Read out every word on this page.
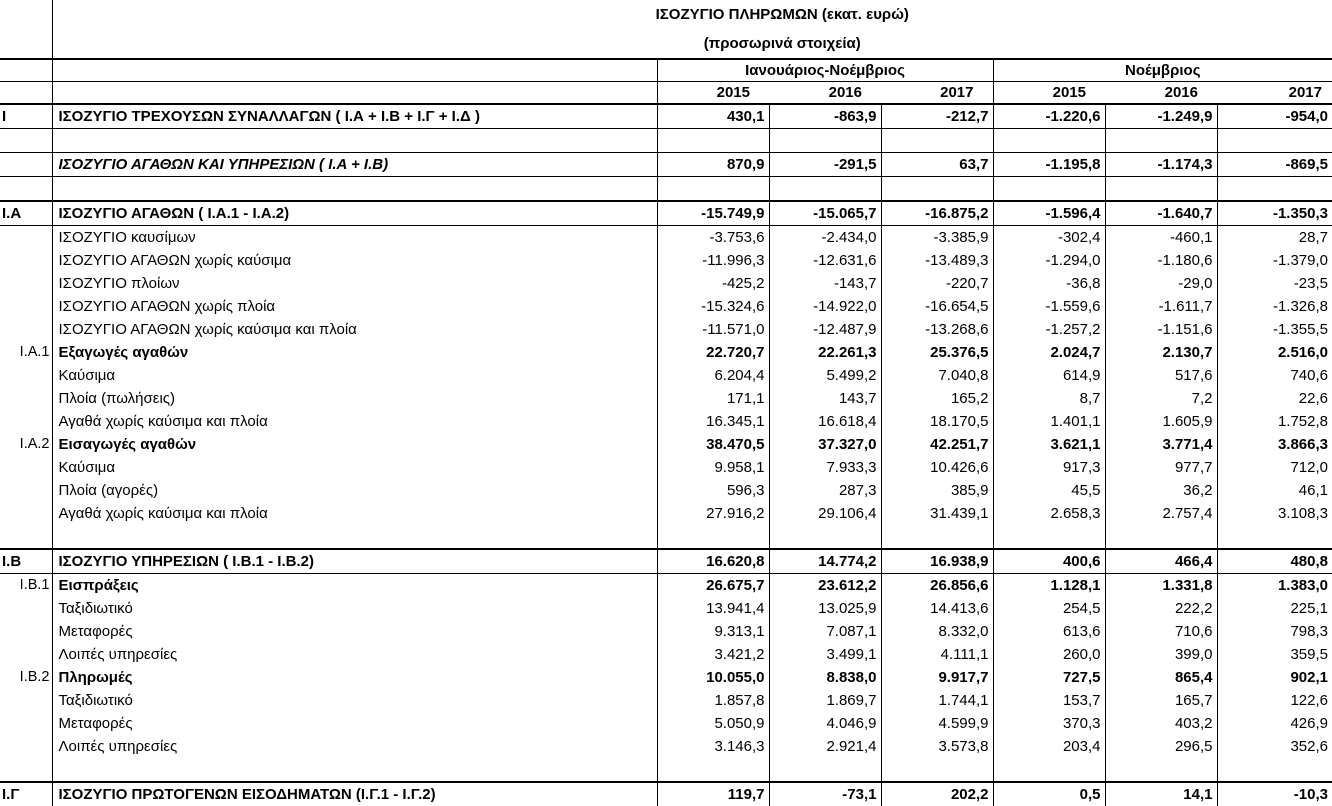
	ΙΣΟΖΥΓΙΟ ΠΛΗΡΩΜΩΝ (εκατ. ευρώ)						
	(προσωρινά στοιχεία)						
		Ιανουάριος-Νοέμβριος			Νοέμβριος		
		2015	2016	2017	2015	2016	2017
I	ΙΣΟΖΥΓΙΟ ΤΡΕΧΟΥΣΩΝ ΣΥΝΑΛΛΑΓΩΝ ( Ι.Α + Ι.Β + Ι.Γ + Ι.Δ )	430,1	-863,9	-212,7	-1.220,6	-1.249,9	-954,0

	ΙΣΟΖΥΓΙΟ ΑΓΑΘΩΝ ΚΑΙ ΥΠΗΡΕΣΙΩΝ ( Ι.Α + Ι.Β)	870,9	-291,5	63,7	-1.195,8	-1.174,3	-869,5

I.A	ΙΣΟΖΥΓΙΟ ΑΓΑΘΩΝ ( Ι.Α.1 - Ι.Α.2)	-15.749,9	-15.065,7	-16.875,2	-1.596,4	-1.640,7	-1.350,3
	ΙΣΟΖΥΓΙΟ καυσίμων	-3.753,6	-2.434,0	-3.385,9	-302,4	-460,1	28,7
	ΙΣΟΖΥΓΙΟ ΑΓΑΘΩΝ χωρίς καύσιμα	-11.996,3	-12.631,6	-13.489,3	-1.294,0	-1.180,6	-1.379,0
	ΙΣΟΖΥΓΙΟ πλοίων	-425,2	-143,7	-220,7	-36,8	-29,0	-23,5
	ΙΣΟΖΥΓΙΟ ΑΓΑΘΩΝ χωρίς πλοία	-15.324,6	-14.922,0	-16.654,5	-1.559,6	-1.611,7	-1.326,8
	ΙΣΟΖΥΓΙΟ ΑΓΑΘΩΝ χωρίς καύσιμα και πλοία	-11.571,0	-12.487,9	-13.268,6	-1.257,2	-1.151,6	-1.355,5
I.A.1	Εξαγωγές αγαθών	22.720,7	22.261,3	25.376,5	2.024,7	2.130,7	2.516,0
	Καύσιμα	6.204,4	5.499,2	7.040,8	614,9	517,6	740,6
	Πλοία (πωλήσεις)	171,1	143,7	165,2	8,7	7,2	22,6
	Αγαθά χωρίς καύσιμα και πλοία	16.345,1	16.618,4	18.170,5	1.401,1	1.605,9	1.752,8
I.A.2	Εισαγωγές αγαθών	38.470,5	37.327,0	42.251,7	3.621,1	3.771,4	3.866,3
	Καύσιμα	9.958,1	7.933,3	10.426,6	917,3	977,7	712,0
	Πλοία (αγορές)	596,3	287,3	385,9	45,5	36,2	46,1
	Αγαθά χωρίς καύσιμα και πλοία	27.916,2	29.106,4	31.439,1	2.658,3	2.757,4	3.108,3

I.B	ΙΣΟΖΥΓΙΟ ΥΠΗΡΕΣΙΩΝ ( Ι.Β.1 - Ι.Β.2)	16.620,8	14.774,2	16.938,9	400,6	466,4	480,8
I.B.1	Εισπράξεις	26.675,7	23.612,2	26.856,6	1.128,1	1.331,8	1.383,0
	Ταξιδιωτικό	13.941,4	13.025,9	14.413,6	254,5	222,2	225,1
	Μεταφορές	9.313,1	7.087,1	8.332,0	613,6	710,6	798,3
	Λοιπές υπηρεσίες	3.421,2	3.499,1	4.111,1	260,0	399,0	359,5
I.B.2	Πληρωμές	10.055,0	8.838,0	9.917,7	727,5	865,4	902,1
	Ταξιδιωτικό	1.857,8	1.869,7	1.744,1	153,7	165,7	122,6
	Μεταφορές	5.050,9	4.046,9	4.599,9	370,3	403,2	426,9
	Λοιπές υπηρεσίες	3.146,3	2.921,4	3.573,8	203,4	296,5	352,6

I.Γ	ΙΣΟΖΥΓΙΟ ΠΡΩΤΟΓΕΝΩΝ ΕΙΣΟΔΗΜΑΤΩΝ (Ι.Γ.1 - Ι.Γ.2)	119,7	-73,1	202,2	0,5	14,1	-10,3
